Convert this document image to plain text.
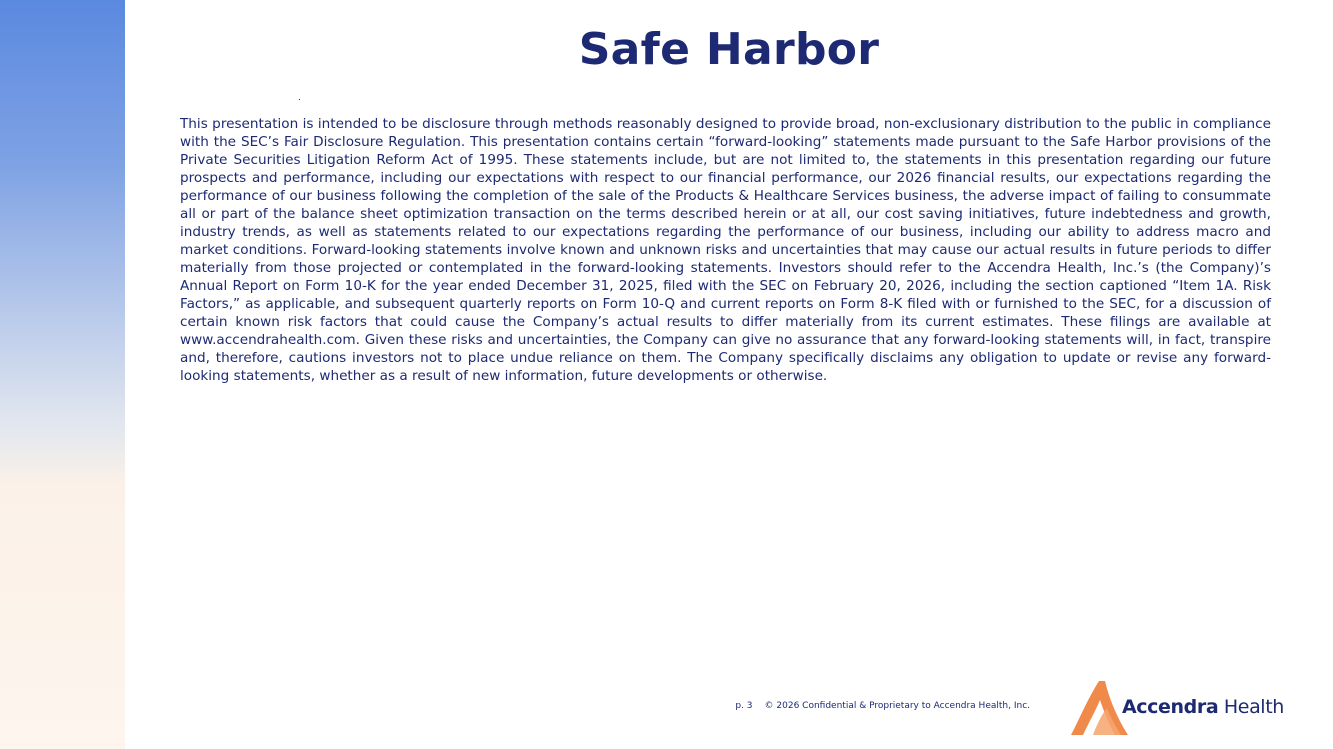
Safe Harbor

This presentation is intended to be disclosure through methods reasonably designed to provide broad, non-exclusionary distribution to the public in compliance with the SEC’s Fair Disclosure Regulation. This presentation contains certain “forward-looking” statements made pursuant to the Safe Harbor provisions of the Private Securities Litigation Reform Act of 1995. These statements include, but are not limited to, the statements in this presentation regarding our future prospects and performance, including our expectations with respect to our financial performance, our 2026 financial results, our expectations regarding the performance of our business following the completion of the sale of the Products & Healthcare Services business, the adverse impact of failing to consummate all or part of the balance sheet optimization transaction on the terms described herein or at all, our cost saving initiatives, future indebtedness and growth, industry trends, as well as statements related to our expectations regarding the performance of our business, including our ability to address macro and market conditions. Forward-looking statements involve known and unknown risks and uncertainties that may cause our actual results in future periods to differ materially from those projected or contemplated in the forward-looking statements. Investors should refer to the Accendra Health, Inc.’s (the Company)’s Annual Report on Form 10-K for the year ended December 31, 2025, filed with the SEC on February 20, 2026, including the section captioned “Item 1A. Risk Factors,” as applicable, and subsequent quarterly reports on Form 10-Q and current reports on Form 8-K filed with or furnished to the SEC, for a discussion of certain known risk factors that could cause the Company’s actual results to differ materially from its current estimates. These filings are available at www.accendrahealth.com. Given these risks and uncertainties, the Company can give no assurance that any forward-looking statements will, in fact, transpire and, therefore, cautions investors not to place undue reliance on them. The Company specifically disclaims any obligation to update or revise any forward-looking statements, whether as a result of new information, future developments or otherwise.

p. 3 © 2026 Confidential & Proprietary to Accendra Health, Inc.	Accendra Health
